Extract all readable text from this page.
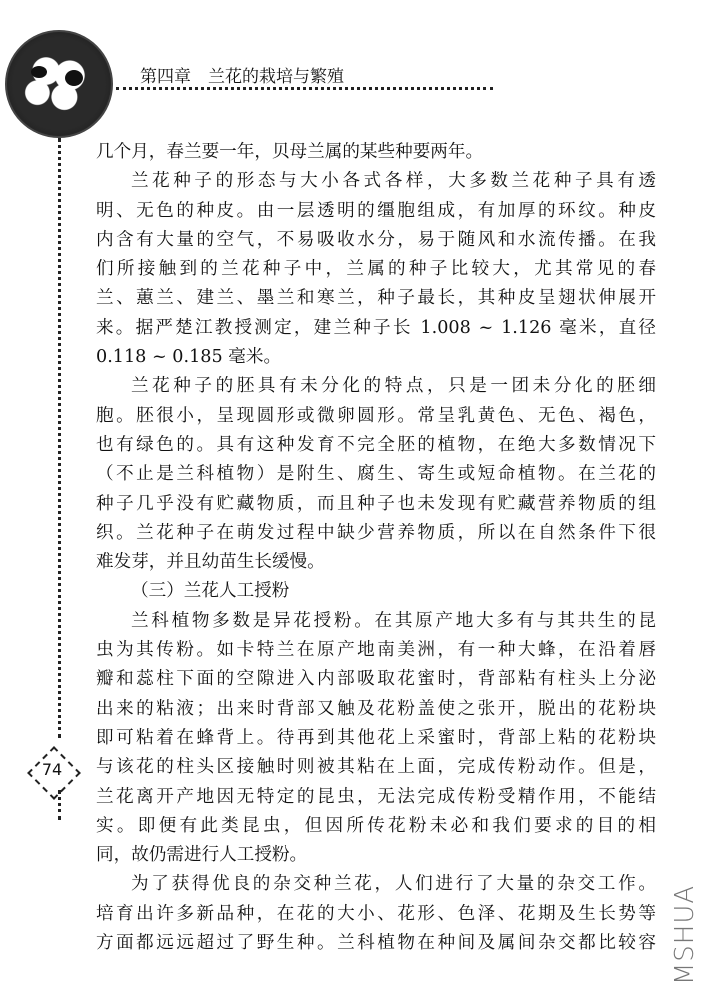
第四章　兰花的栽培与繁殖
74
几个月，春兰要一年，贝母兰属的某些种要两年。
兰花种子的形态与大小各式各样，大多数兰花种子具有透
明、无色的种皮。由一层透明的缰胞组成，有加厚的环纹。种皮
内含有大量的空气，不易吸收水分，易于随风和水流传播。在我
们所接触到的兰花种子中，兰属的种子比较大，尤其常见的春
兰、蕙兰、建兰、墨兰和寒兰，种子最长，其种皮呈翅状伸展开
来。据严楚江教授测定，建兰种子长 1.008 ~ 1.126 毫米，直径
0.118 ~ 0.185 毫米。
兰花种子的胚具有未分化的特点，只是一团未分化的胚细
胞。胚很小，呈现圆形或微卵圆形。常呈乳黄色、无色、褐色，
也有绿色的。具有这种发育不完全胚的植物，在绝大多数情况下
（不止是兰科植物）是附生、腐生、寄生或短命植物。在兰花的
种子几乎没有贮藏物质，而且种子也未发现有贮藏营养物质的组
织。兰花种子在萌发过程中缺少营养物质，所以在自然条件下很
难发芽，并且幼苗生长缓慢。
（三）兰花人工授粉
兰科植物多数是异花授粉。在其原产地大多有与其共生的昆
虫为其传粉。如卡特兰在原产地南美洲，有一种大蜂，在沿着唇
瓣和蕊柱下面的空隙进入内部吸取花蜜时，背部粘有柱头上分泌
出来的粘液；出来时背部又触及花粉盖使之张开，脱出的花粉块
即可粘着在蜂背上。待再到其他花上采蜜时，背部上粘的花粉块
与该花的柱头区接触时则被其粘在上面，完成传粉动作。但是，
兰花离开产地因无特定的昆虫，无法完成传粉受精作用，不能结
实。即便有此类昆虫，但因所传花粉未必和我们要求的目的相
同，故仍需进行人工授粉。
为了获得优良的杂交种兰花，人们进行了大量的杂交工作。
培育出许多新品种，在花的大小、花形、色泽、花期及生长势等
方面都远远超过了野生种。兰科植物在种间及属间杂交都比较容 MSHUA
